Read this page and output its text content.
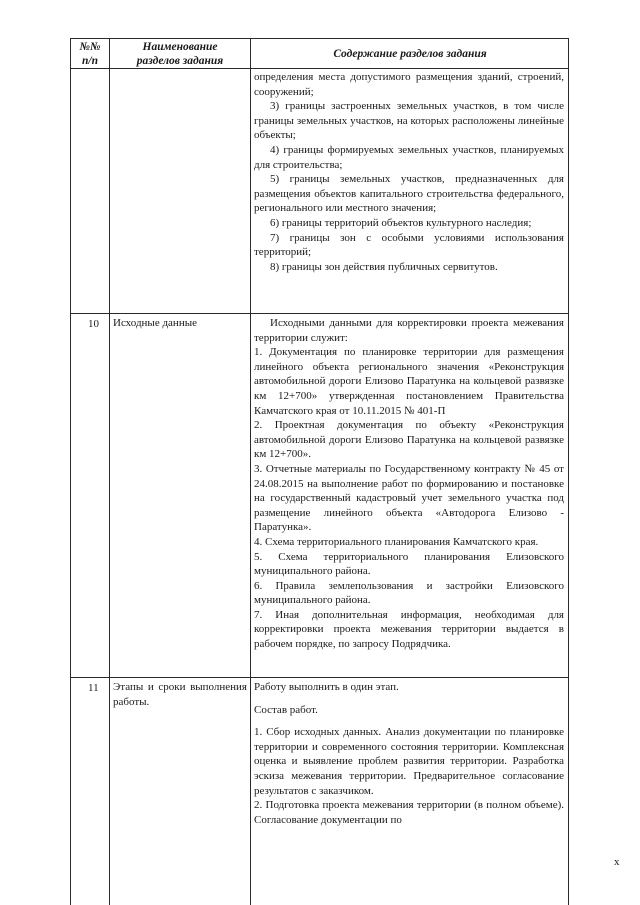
№№
п/п
Наименование
разделов задания
Содержание разделов задания

определения места допустимого размещения зданий, строений, сооружений;

3) границы застроенных земельных участков, в том числе границы земельных участков, на которых расположены линейные объекты;

4) границы формируемых земельных участков, планируемых для строительства;

5) границы земельных участков, предназначенных для размещения объектов капитального строительства федерального, регионального или местного значения;

6) границы территорий объектов культурного наследия;

7) границы зон с особыми условиями использования территорий;

8) границы зон действия публичных сервитутов.

10 Исходные данные	Исходными данными для корректировки проекта межевания территории служит:

1. Документация по планировке территории для размещения линейного объекта регионального значения «Реконструкция автомобильной дороги Елизово Паратунка на кольцевой развязке км 12+700» утвержденная постановлением Правительства Камчатского края от 10.11.2015 № 401-П

2. Проектная документация по объекту «Реконструкция автомобильной дороги Елизово Паратунка на кольцевой развязке км 12+700».

3. Отчетные материалы по Государственному контракту № 45 от 24.08.2015 на выполнение работ по формированию и постановке на государственный кадастровый учет земельного участка под размещение линейного объекта «Автодорога Елизово - Паратунка».

4. Схема территориального планирования Камчатского края.

5. Схема территориального планирования Елизовского муниципального района.

6. Правила землепользования и застройки Елизовского муниципального района.

7. Иная дополнительная информация, необходимая для корректировки проекта межевания территории выдается в рабочем порядке, по запросу Подрядчика.

11 Этапы и сроки выполнения работы.

Работу выполнить в один этап.

Состав работ.

1. Сбор исходных данных. Анализ документации по планировке территории и современного состояния территории. Комплексная оценка и выявление проблем развития территории. Разработка эскиза межевания территории. Предварительное согласование результатов с заказчиком.

2. Подготовка проекта межевания территории (в полном объеме). Согласование документации по

x
